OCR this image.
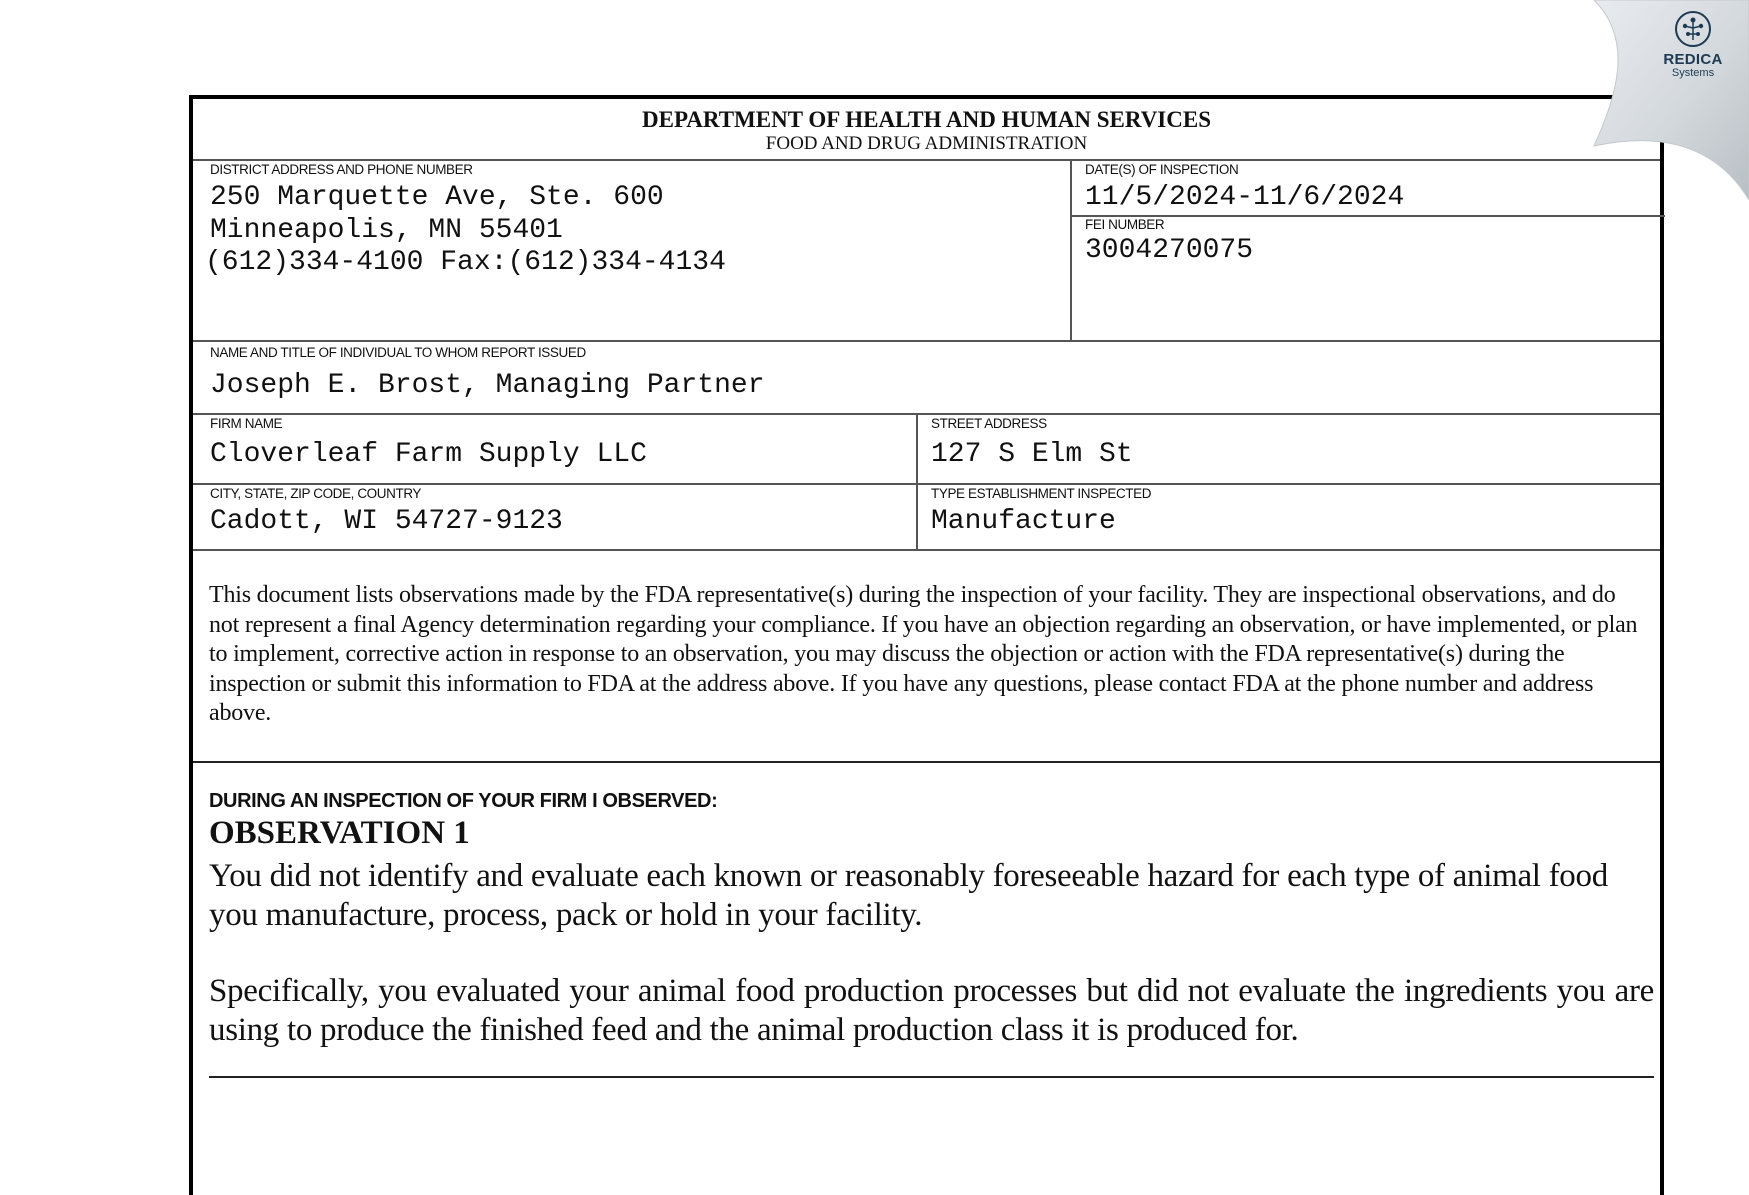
DEPARTMENT OF HEALTH AND HUMAN SERVICES
FOOD AND DRUG ADMINISTRATION
DISTRICT ADDRESS AND PHONE NUMBER
250 Marquette Ave, Ste. 600
Minneapolis, MN 55401
(612)334-4100 Fax:(612)334-4134
DATE(S) OF INSPECTION
11/5/2024-11/6/2024
FEI NUMBER
3004270075
NAME AND TITLE OF INDIVIDUAL TO WHOM REPORT ISSUED
Joseph E. Brost, Managing Partner
FIRM NAME
Cloverleaf Farm Supply LLC
STREET ADDRESS
127 S Elm St
CITY, STATE, ZIP CODE, COUNTRY
Cadott, WI 54727-9123
TYPE ESTABLISHMENT INSPECTED
Manufacture
This document lists observations made by the FDA representative(s) during the inspection of your facility. They are inspectional observations, and do not represent a final Agency determination regarding your compliance. If you have an objection regarding an observation, or have implemented, or plan to implement, corrective action in response to an observation, you may discuss the objection or action with the FDA representative(s) during the inspection or submit this information to FDA at the address above. If you have any questions, please contact FDA at the phone number and address above.
DURING AN INSPECTION OF YOUR FIRM I OBSERVED:
OBSERVATION 1
You did not identify and evaluate each known or reasonably foreseeable hazard for each type of animal food you manufacture, process, pack or hold in your facility.
Specifically, you evaluated your animal food production processes but did not evaluate the ingredients you are using to produce the finished feed and the animal production class it is produced for.
REDICA
Systems
